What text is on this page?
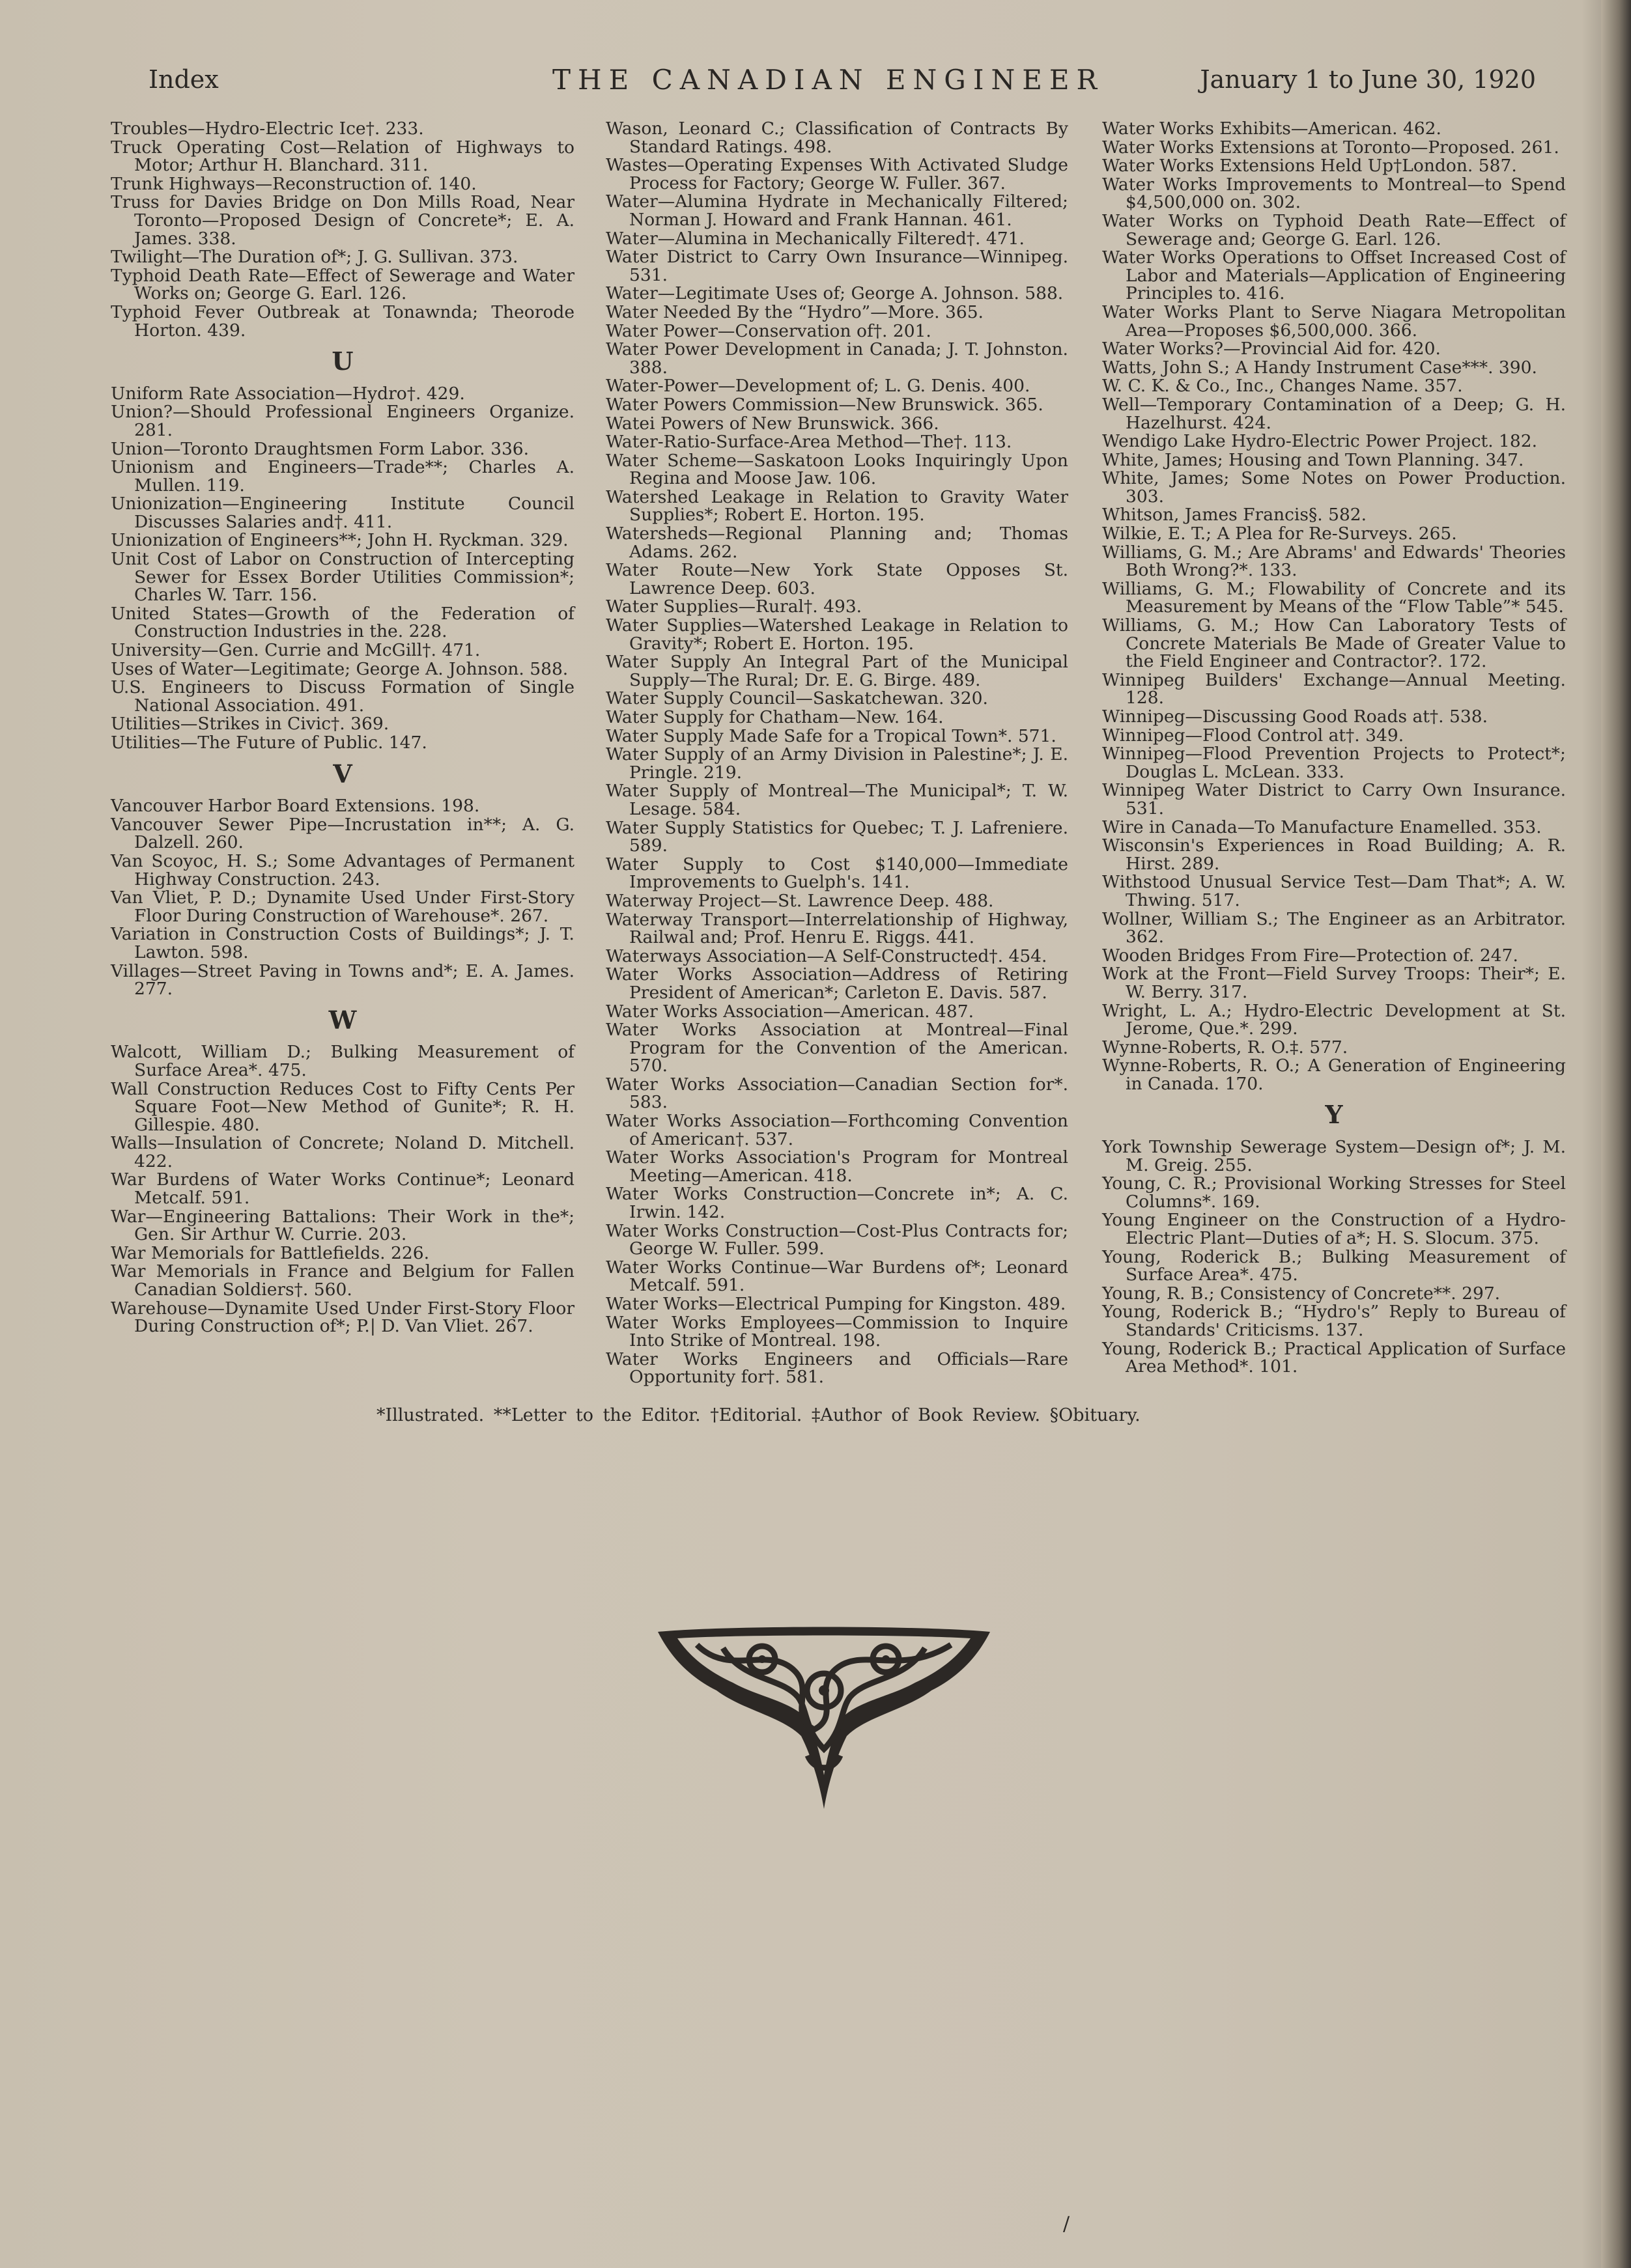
Index	THE CANADIAN ENGINEER	January 1 to June 30, 1920
Troubles—Hydro-Electric Ice†. 233.
Truck Operating Cost—Relation of Highways to Motor; Arthur H. Blanchard. 311.
Trunk Highways—Reconstruction of. 140.
Truss for Davies Bridge on Don Mills Road, Near Toronto—Proposed Design of Concrete*; E. A. James. 338.
Twilight—The Duration of*; J. G. Sullivan. 373.
Typhoid Death Rate—Effect of Sewerage and Water Works on; George G. Earl. 126.
Typhoid Fever Outbreak at Tonawnda; Theorode Horton. 439.
U
Uniform Rate Association—Hydro†. 429.
Union?—Should Professional Engineers Organize. 281.
Union—Toronto Draughtsmen Form Labor. 336.
Unionism and Engineers—Trade**; Charles A. Mullen. 119.
Unionization—Engineering Institute Council Discusses Salaries and†. 411.
Unionization of Engineers**; John H. Ryckman. 329.
Unit Cost of Labor on Construction of Intercepting Sewer for Essex Border Utilities Commission*; Charles W. Tarr. 156.
United States—Growth of the Federation of Construction Industries in the. 228.
University—Gen. Currie and McGill†. 471.
Uses of Water—Legitimate; George A. Johnson. 588.
U.S. Engineers to Discuss Formation of Single National Association. 491.
Utilities—Strikes in Civic†. 369.
Utilities—The Future of Public. 147.
V
Vancouver Harbor Board Extensions. 198.
Vancouver Sewer Pipe—Incrustation in**; A. G. Dalzell. 260.
Van Scoyoc, H. S.; Some Advantages of Permanent Highway Construction. 243.
Van Vliet, P. D.; Dynamite Used Under First-Story Floor During Construction of Warehouse*. 267.
Variation in Construction Costs of Buildings*; J. T. Lawton. 598.
Villages—Street Paving in Towns and*; E. A. James. 277.
W
Walcott, William D.; Bulking Measurement of Surface Area*. 475.
Wall Construction Reduces Cost to Fifty Cents Per Square Foot—New Method of Gunite*; R. H. Gillespie. 480.
Walls—Insulation of Concrete; Noland D. Mitchell. 422.
War Burdens of Water Works Continue*; Leonard Metcalf. 591.
War—Engineering Battalions: Their Work in the*; Gen. Sir Arthur W. Currie. 203.
War Memorials for Battlefields. 226.
War Memorials in France and Belgium for Fallen Canadian Soldiers†. 560.
Warehouse—Dynamite Used Under First-Story Floor During Construction of*; P.| D. Van Vliet. 267.
Wason, Leonard C.; Classification of Contracts By Standard Ratings. 498.
Wastes—Operating Expenses With Activated Sludge Process for Factory; George W. Fuller. 367.
Water—Alumina Hydrate in Mechanically Filtered; Norman J. Howard and Frank Hannan. 461.
Water—Alumina in Mechanically Filtered†. 471.
Water District to Carry Own Insurance—Winnipeg. 531.
Water—Legitimate Uses of; George A. Johnson. 588.
Water Needed By the “Hydro”—More. 365.
Water Power—Conservation of†. 201.
Water Power Development in Canada; J. T. Johnston. 388.
Water-Power—Development of; L. G. Denis. 400.
Water Powers Commission—New Brunswick. 365.
Watei Powers of New Brunswick. 366.
Water-Ratio-Surface-Area Method—The†. 113.
Water Scheme—Saskatoon Looks Inquiringly Upon Regina and Moose Jaw. 106.
Watershed Leakage in Relation to Gravity Water Supplies*; Robert E. Horton. 195.
Watersheds—Regional Planning and; Thomas Adams. 262.
Water Route—New York State Opposes St. Lawrence Deep. 603.
Water Supplies—Rural†. 493.
Water Supplies—Watershed Leakage in Relation to Gravity*; Robert E. Horton. 195.
Water Supply An Integral Part of the Municipal Supply—The Rural; Dr. E. G. Birge. 489.
Water Supply Council—Saskatchewan. 320.
Water Supply for Chatham—New. 164.
Water Supply Made Safe for a Tropical Town*. 571.
Water Supply of an Army Division in Palestine*; J. E. Pringle. 219.
Water Supply of Montreal—The Municipal*; T. W. Lesage. 584.
Water Supply Statistics for Quebec; T. J. Lafreniere. 589.
Water Supply to Cost $140,000—Immediate Improvements to Guelph's. 141.
Waterway Project—St. Lawrence Deep. 488.
Waterway Transport—Interrelationship of Highway, Railwal and; Prof. Henru E. Riggs. 441.
Waterways Association—A Self-Constructed†. 454.
Water Works Association—Address of Retiring President of American*; Carleton E. Davis. 587.
Water Works Association—American. 487.
Water Works Association at Montreal—Final Program for the Convention of the American. 570.
Water Works Association—Canadian Section for*. 583.
Water Works Association—Forthcoming Convention of American†. 537.
Water Works Association's Program for Montreal Meeting—American. 418.
Water Works Construction—Concrete in*; A. C. Irwin. 142.
Water Works Construction—Cost-Plus Contracts for; George W. Fuller. 599.
Water Works Continue—War Burdens of*; Leonard Metcalf. 591.
Water Works—Electrical Pumping for Kingston. 489.
Water Works Employees—Commission to Inquire Into Strike of Montreal. 198.
Water Works Engineers and Officials—Rare Opportunity for†. 581.
Water Works Exhibits—American. 462.
Water Works Extensions at Toronto—Proposed. 261.
Water Works Extensions Held Up†London. 587.
Water Works Improvements to Montreal—to Spend $4,500,000 on. 302.
Water Works on Typhoid Death Rate—Effect of Sewerage and; George G. Earl. 126.
Water Works Operations to Offset Increased Cost of Labor and Materials—Application of Engineering Principles to. 416.
Water Works Plant to Serve Niagara Metropolitan Area—Proposes $6,500,000. 366.
Water Works?—Provincial Aid for. 420.
Watts, John S.; A Handy Instrument Case***. 390.
W. C. K. & Co., Inc., Changes Name. 357.
Well—Temporary Contamination of a Deep; G. H. Hazelhurst. 424.
Wendigo Lake Hydro-Electric Power Project. 182.
White, James; Housing and Town Planning. 347.
White, James; Some Notes on Power Production. 303.
Whitson, James Francis§. 582.
Wilkie, E. T.; A Plea for Re-Surveys. 265.
Williams, G. M.; Are Abrams' and Edwards' Theories Both Wrong?*. 133.
Williams, G. M.; Flowability of Concrete and its Measurement by Means of the “Flow Table”* 545.
Williams, G. M.; How Can Laboratory Tests of Concrete Materials Be Made of Greater Value to the Field Engineer and Contractor?. 172.
Winnipeg Builders' Exchange—Annual Meeting. 128.
Winnipeg—Discussing Good Roads at†. 538.
Winnipeg—Flood Control at†. 349.
Winnipeg—Flood Prevention Projects to Protect*; Douglas L. McLean. 333.
Winnipeg Water District to Carry Own Insurance. 531.
Wire in Canada—To Manufacture Enamelled. 353.
Wisconsin's Experiences in Road Building; A. R. Hirst. 289.
Withstood Unusual Service Test—Dam That*; A. W. Thwing. 517.
Wollner, William S.; The Engineer as an Arbitrator. 362.
Wooden Bridges From Fire—Protection of. 247.
Work at the Front—Field Survey Troops: Their*; E. W. Berry. 317.
Wright, L. A.; Hydro-Electric Development at St. Jerome, Que.*. 299.
Wynne-Roberts, R. O.‡. 577.
Wynne-Roberts, R. O.; A Generation of Engineering in Canada. 170.
Y
York Township Sewerage System—Design of*; J. M. M. Greig. 255.
Young, C. R.; Provisional Working Stresses for Steel Columns*. 169.
Young Engineer on the Construction of a Hydro-Electric Plant—Duties of a*; H. S. Slocum. 375.
Young, Roderick B.; Bulking Measurement of Surface Area*. 475.
Young, R. B.; Consistency of Concrete**. 297.
Young, Roderick B.; “Hydro's” Reply to Bureau of Standards' Criticisms. 137.
Young, Roderick B.; Practical Application of Surface Area Method*. 101.
*Illustrated. **Letter to the Editor. †Editorial. ‡Author of Book Review. §Obituary.
/
